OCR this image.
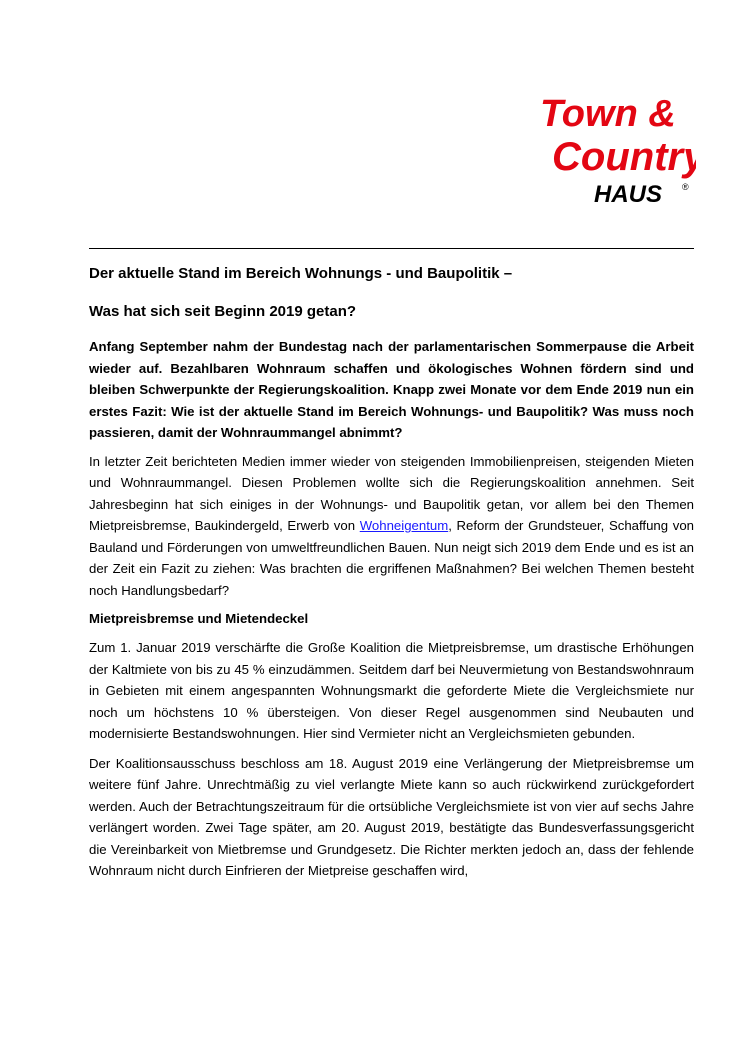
Town &
Country
HAUS ®
Der aktuelle Stand im Bereich Wohnungs - und Baupolitik –
Was hat sich seit Beginn 2019 getan?

Anfang September nahm der Bundestag nach der parlamentarischen Sommerpause die Arbeit wieder auf. Bezahlbaren Wohnraum schaffen und ökologisches Wohnen fördern sind und bleiben Schwerpunkte der Regierungskoalition. Knapp zwei Monate vor dem Ende 2019 nun ein erstes Fazit: Wie ist der aktuelle Stand im Bereich Wohnungs- und Baupolitik? Was muss noch passieren, damit der Wohnraummangel abnimmt?

In letzter Zeit berichteten Medien immer wieder von steigenden Immobilienpreisen, steigenden Mieten und Wohnraummangel. Diesen Problemen wollte sich die Regierungskoalition annehmen. Seit Jahresbeginn hat sich einiges in der Wohnungs- und Baupolitik getan, vor allem bei den Themen Mietpreisbremse, Baukindergeld, Erwerb von Wohneigentum, Reform der Grundsteuer, Schaffung von Bauland und Förderungen von umweltfreundlichen Bauen. Nun neigt sich 2019 dem Ende und es ist an der Zeit ein Fazit zu ziehen: Was brachten die ergriffenen Maßnahmen? Bei welchen Themen besteht noch Handlungsbedarf?

Mietpreisbremse und Mietendeckel

Zum 1. Januar 2019 verschärfte die Große Koalition die Mietpreisbremse, um drastische Erhöhungen der Kaltmiete von bis zu 45 % einzudämmen. Seitdem darf bei Neuvermietung von Bestandswohnraum in Gebieten mit einem angespannten Wohnungsmarkt die geforderte Miete die Vergleichsmiete nur noch um höchstens 10 % übersteigen. Von dieser Regel ausgenommen sind Neubauten und modernisierte Bestandswohnungen. Hier sind Vermieter nicht an Vergleichsmieten gebunden.

Der Koalitionsausschuss beschloss am 18. August 2019 eine Verlängerung der Mietpreisbremse um weitere fünf Jahre. Unrechtmäßig zu viel verlangte Miete kann so auch rückwirkend zurückgefordert werden. Auch der Betrachtungszeitraum für die ortsübliche Vergleichsmiete ist von vier auf sechs Jahre verlängert worden. Zwei Tage später, am 20. August 2019, bestätigte das Bundesverfassungsgericht die Vereinbarkeit von Mietbremse und Grundgesetz. Die Richter merkten jedoch an, dass der fehlende Wohnraum nicht durch Einfrieren der Mietpreise geschaffen wird,
